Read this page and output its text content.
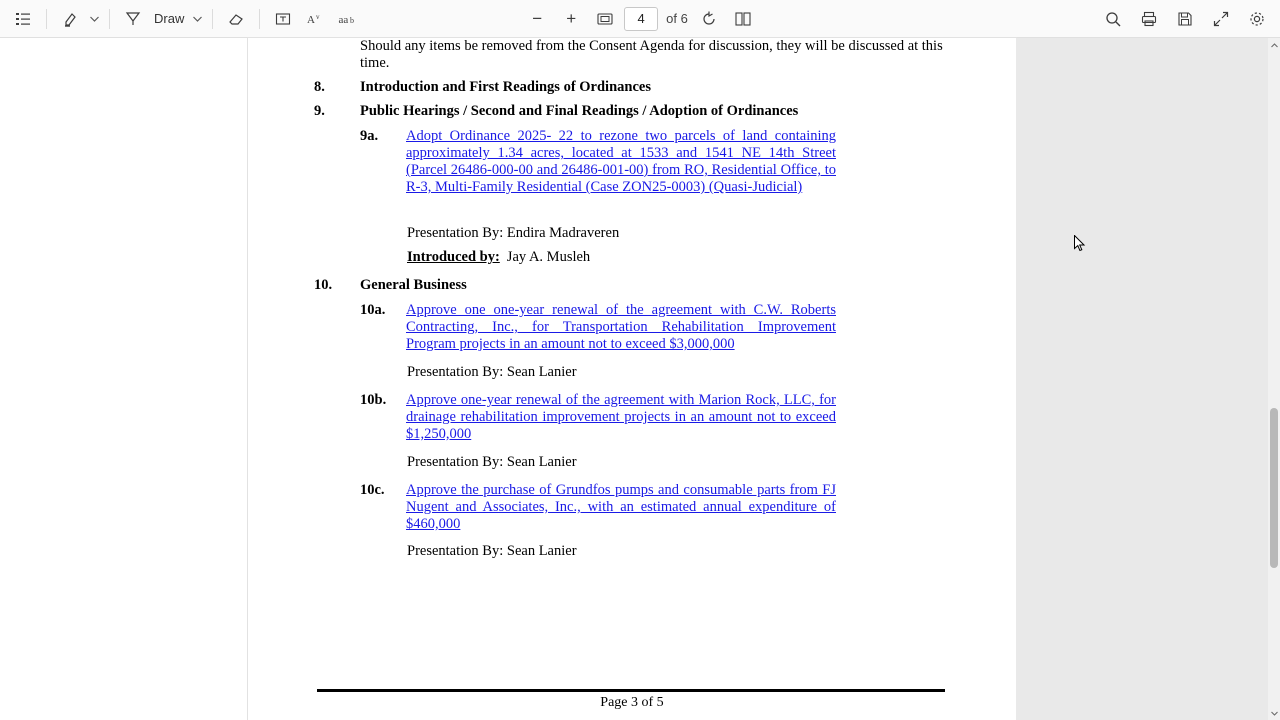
Draw	A v aa b	−	+
4	of 6
Should any items be removed from the Consent Agenda for discussion, they will be discussed at this time.
8.	Introduction and First Readings of Ordinances
9.	Public Hearings / Second and Final Readings / Adoption of Ordinances
9a.	Adopt Ordinance 2025- 22 to rezone two parcels of land containing approximately 1.34 acres, located at 1533 and 1541 NE 14th Street (Parcel 26486-000-00 and 26486-001-00) from RO, Residential Office, to R-3, Multi-Family Residential (Case ZON25-0003) (Quasi-Judicial)
Presentation By: Endira Madraveren
Introduced by: Jay A. Musleh
10.	General Business
10a.	Approve one one-year renewal of the agreement with C.W. Roberts Contracting, Inc., for Transportation Rehabilitation Improvement Program projects in an amount not to exceed $3,000,000
Presentation By: Sean Lanier
10b.	Approve one-year renewal of the agreement with Marion Rock, LLC, for drainage rehabilitation improvement projects in an amount not to exceed $1,250,000
Presentation By: Sean Lanier
10c.	Approve the purchase of Grundfos pumps and consumable parts from FJ Nugent and Associates, Inc., with an estimated annual expenditure of $460,000
Presentation By: Sean Lanier
Page 3 of 5
